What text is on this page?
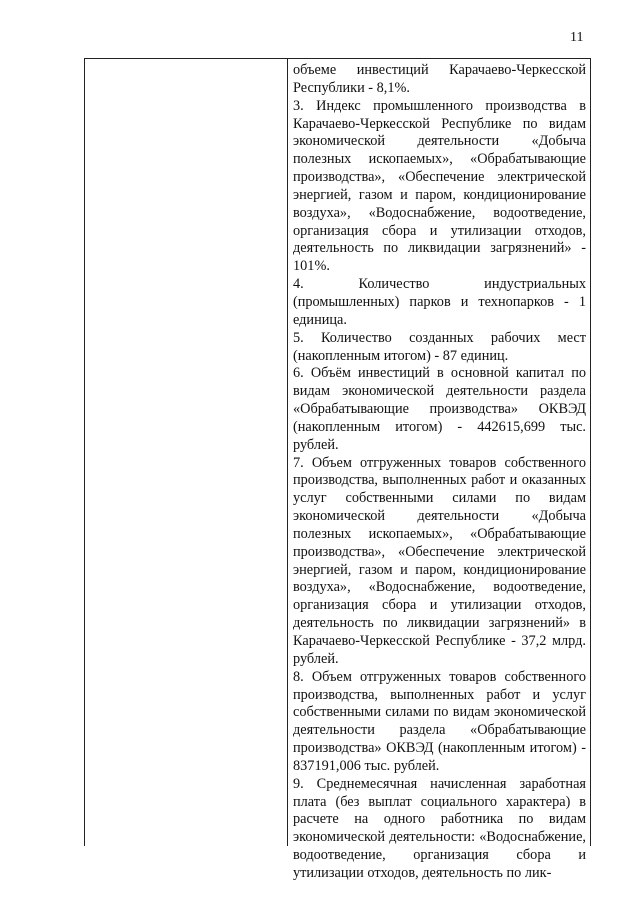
11

объеме инвестиций Карачаево-Черкесской Республики - 8,1%.

3. Индекс промышленного производства в Карачаево-Черкесской Республике по видам экономической деятельности «Добыча полезных ископаемых», «Обрабатывающие производства», «Обеспечение электрической энергией, газом и паром, кондиционирование воздуха», «Водоснабжение, водоотведение, организация сбора и утилизации отходов, деятельность по ликвидации загрязнений» - 101%.

4. Количество индустриальных (промышленных) парков и технопарков - 1 единица.

5. Количество созданных рабочих мест (накопленным итогом) - 87 единиц.

6. Объём инвестиций в основной капитал по видам экономической деятельности раздела «Обрабатывающие производства» ОКВЭД (накопленным итогом) - 442615,699 тыс. рублей.

7. Объем отгруженных товаров собственного производства, выполненных работ и оказанных услуг собственными силами по видам экономической деятельности «Добыча полезных ископаемых», «Обрабатывающие производства», «Обеспечение электрической энергией, газом и паром, кондиционирование воздуха», «Водоснабжение, водоотведение, организация сбора и утилизации отходов, деятельность по ликвидации загрязнений» в Карачаево-Черкесской Республике - 37,2 млрд. рублей.

8. Объем отгруженных товаров собственного производства, выполненных работ и услуг собственными силами по видам экономической деятельности раздела «Обрабатывающие производства» ОКВЭД (накопленным итогом) - 837191,006 тыс. рублей.

9. Среднемесячная начисленная заработная плата (без выплат социального характера) в расчете на одного работника по видам экономической деятельности: «Водоснабжение, водоотведение, организация сбора и утилизации отходов, деятельность по лик-
